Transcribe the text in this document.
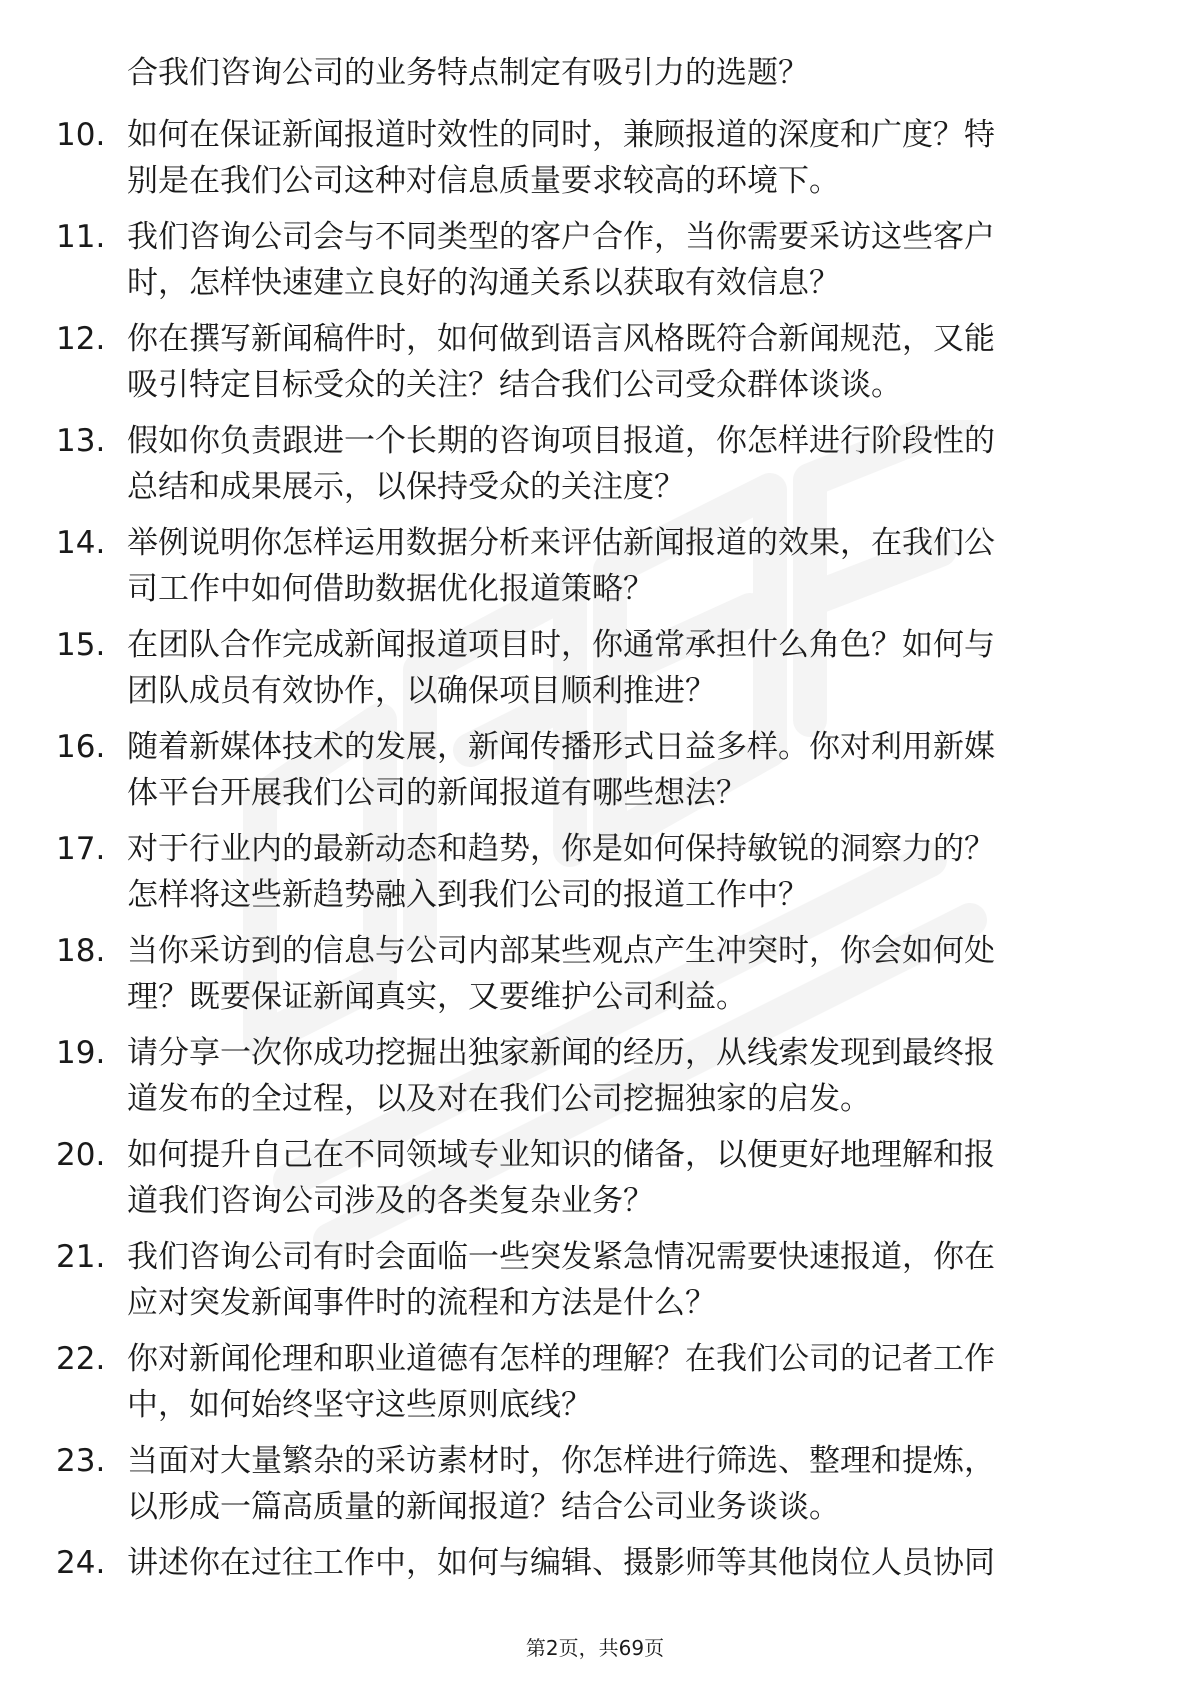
合我们咨询公司的业务特点制定有吸引力的选题？
10. 如何在保证新闻报道时效性的同时，兼顾报道的深度和广度？特
别是在我们公司这种对信息质量要求较高的环境下。
11. 我们咨询公司会与不同类型的客户合作，当你需要采访这些客户
时，怎样快速建立良好的沟通关系以获取有效信息？
12. 你在撰写新闻稿件时，如何做到语言风格既符合新闻规范，又能
吸引特定目标受众的关注？结合我们公司受众群体谈谈。
13. 假如你负责跟进一个长期的咨询项目报道，你怎样进行阶段性的
总结和成果展示，以保持受众的关注度？
14. 举例说明你怎样运用数据分析来评估新闻报道的效果，在我们公
司工作中如何借助数据优化报道策略？
15. 在团队合作完成新闻报道项目时，你通常承担什么角色？如何与
团队成员有效协作，以确保项目顺利推进？
16. 随着新媒体技术的发展，新闻传播形式日益多样。你对利用新媒
体平台开展我们公司的新闻报道有哪些想法？
17. 对于行业内的最新动态和趋势，你是如何保持敏锐的洞察力的？
怎样将这些新趋势融入到我们公司的报道工作中？
18. 当你采访到的信息与公司内部某些观点产生冲突时，你会如何处
理？既要保证新闻真实，又要维护公司利益。
19. 请分享一次你成功挖掘出独家新闻的经历，从线索发现到最终报
道发布的全过程，以及对在我们公司挖掘独家的启发。
20. 如何提升自己在不同领域专业知识的储备，以便更好地理解和报
道我们咨询公司涉及的各类复杂业务？
21. 我们咨询公司有时会面临一些突发紧急情况需要快速报道，你在
应对突发新闻事件时的流程和方法是什么？
22. 你对新闻伦理和职业道德有怎样的理解？在我们公司的记者工作
中，如何始终坚守这些原则底线？
23. 当面对大量繁杂的采访素材时，你怎样进行筛选、整理和提炼，
以形成一篇高质量的新闻报道？结合公司业务谈谈。
24. 讲述你在过往工作中，如何与编辑、摄影师等其他岗位人员协同
第2页，共69页
